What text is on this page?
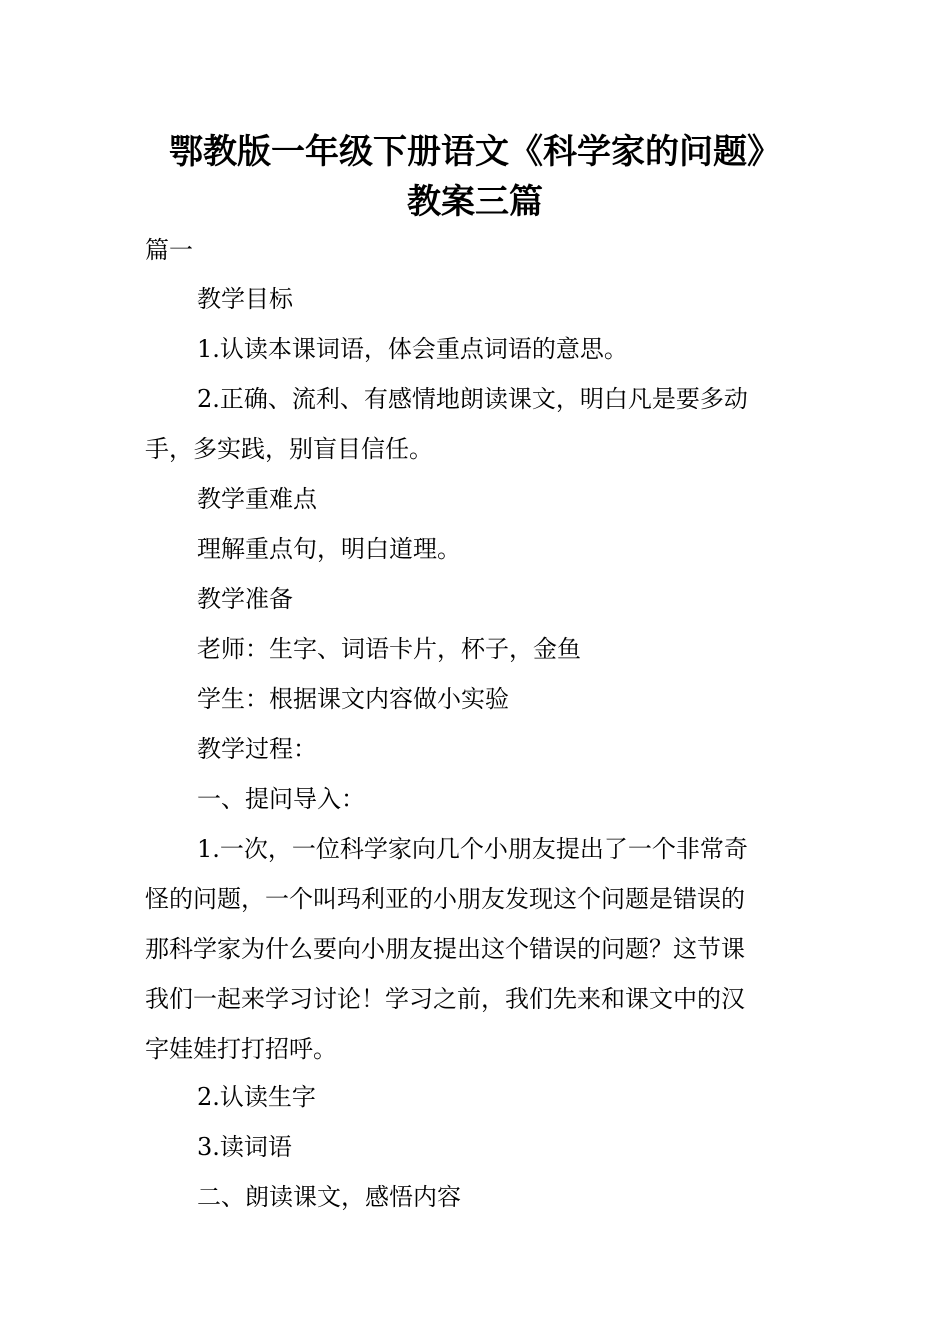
鄂教版一年级下册语文《科学家的问题》
教案三篇
篇一
教学目标
1.认读本课词语，体会重点词语的意思。
2.正确、流利、有感情地朗读课文，明白凡是要多动
手，多实践，别盲目信任。
教学重难点
理解重点句，明白道理。
教学准备
老师：生字、词语卡片，杯子，金鱼
学生：根据课文内容做小实验
教学过程：
一、提问导入：
1.一次，一位科学家向几个小朋友提出了一个非常奇
怪的问题，一个叫玛利亚的小朋友发现这个问题是错误的
那科学家为什么要向小朋友提出这个错误的问题？这节课
我们一起来学习讨论！学习之前，我们先来和课文中的汉
字娃娃打打招呼。
2.认读生字
3.读词语
二、朗读课文，感悟内容
